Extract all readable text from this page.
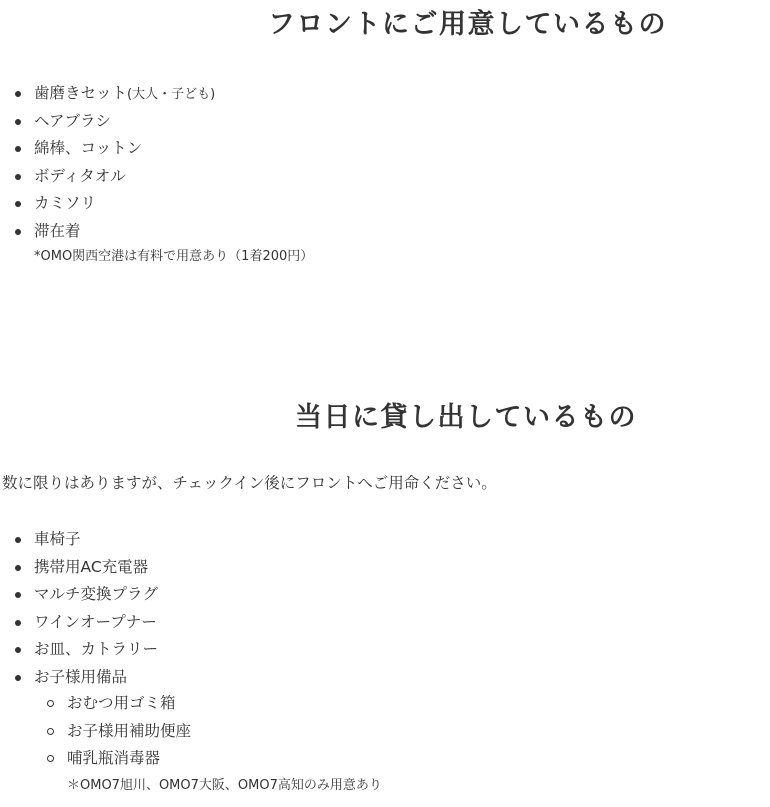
フロントにご用意しているもの
歯磨きセット(大人・子ども)
ヘアブラシ
綿棒、コットン
ボディタオル
カミソリ
滞在着
*OMO関西空港は有料で用意あり（1着200円）
当日に貸し出しているもの
数に限りはありますが、チェックイン後にフロントへご用命ください。
車椅子
携帯用AC充電器
マルチ変換プラグ
ワインオープナー
お皿、カトラリー
お子様用備品
おむつ用ゴミ箱
お子様用補助便座
哺乳瓶消毒器
＊OMO7旭川、OMO7大阪、OMO7高知のみ用意あり
